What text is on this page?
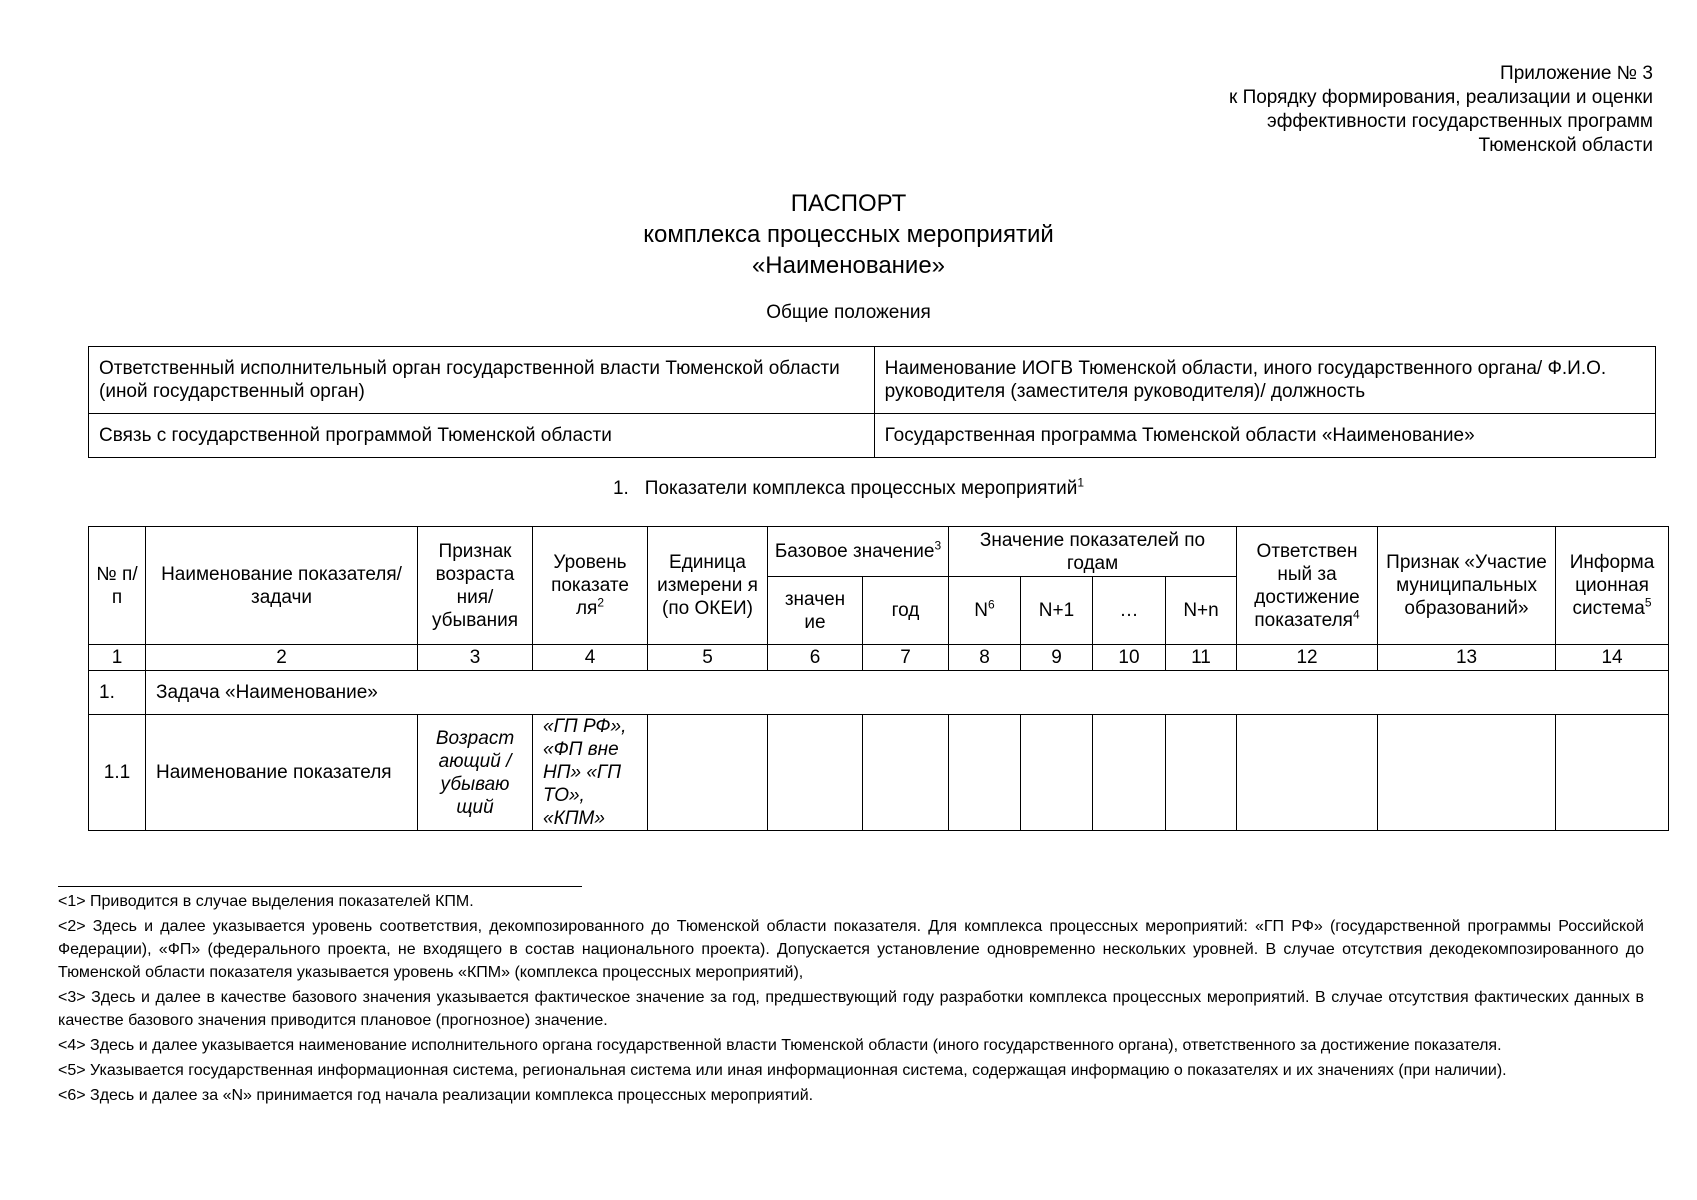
Приложение № 3
к Порядку формирования, реализации и оценки
эффективности государственных программ
Тюменской области
ПАСПОРТ
комплекса процессных мероприятий
«Наименование»
Общие положения
Ответственный исполнительный орган государственной власти Тюменской области (иной государственный орган)	Наименование ИОГВ Тюменской области, иного государственного органа/ Ф.И.О. руководителя (заместителя руководителя)/ должность
Связь с государственной программой Тюменской области	Государственная программа Тюменской области «Наименование»
1. Показатели комплекса процессных мероприятий$^1$
№ п/п	Наименование показателя/задачи	Признак возраста ния/ убывания	Уровень показате $ля^2$	Единица измерени я (по ОКЕИ)	Базовое значение$^3$		Значение показателей по годам				Ответствен ный за достижение показателя$^4$	Признак «Участие муниципальных образований»	Информа ционная система$^5$
					значен ие	год	$N^6$	N+1	…	N+n			
1	2	3	4	5	6	7	8	9	10	11	12	13	14
1.	Задача «Наименование»												
1.1	Наименование показателя	Возраст ающий / убываю щий	«ГП РФ», «ФП вне НП» «ГП ТО», «КПМ»										

<1> Приводится в случае выделения показателей КПМ.

<2> Здесь и далее указывается уровень соответствия, декомпозированного до Тюменской области показателя. Для комплекса процессных мероприятий: «ГП РФ» (государственной программы Российской Федерации), «ФП» (федерального проекта, не входящего в состав национального проекта). Допускается установление одновременно нескольких уровней. В случае отсутствия декодекомпозированного до Тюменской области показателя указывается уровень «КПМ» (комплекса процессных мероприятий),

<3> Здесь и далее в качестве базового значения указывается фактическое значение за год, предшествующий году разработки комплекса процессных мероприятий. В случае отсутствия фактических данных в качестве базового значения приводится плановое (прогнозное) значение.

<4> Здесь и далее указывается наименование исполнительного органа государственной власти Тюменской области (иного государственного органа), ответственного за достижение показателя.

<5> Указывается государственная информационная система, региональная система или иная информационная система, содержащая информацию о показателях и их значениях (при наличии).

<6> Здесь и далее за «N» принимается год начала реализации комплекса процессных мероприятий.
